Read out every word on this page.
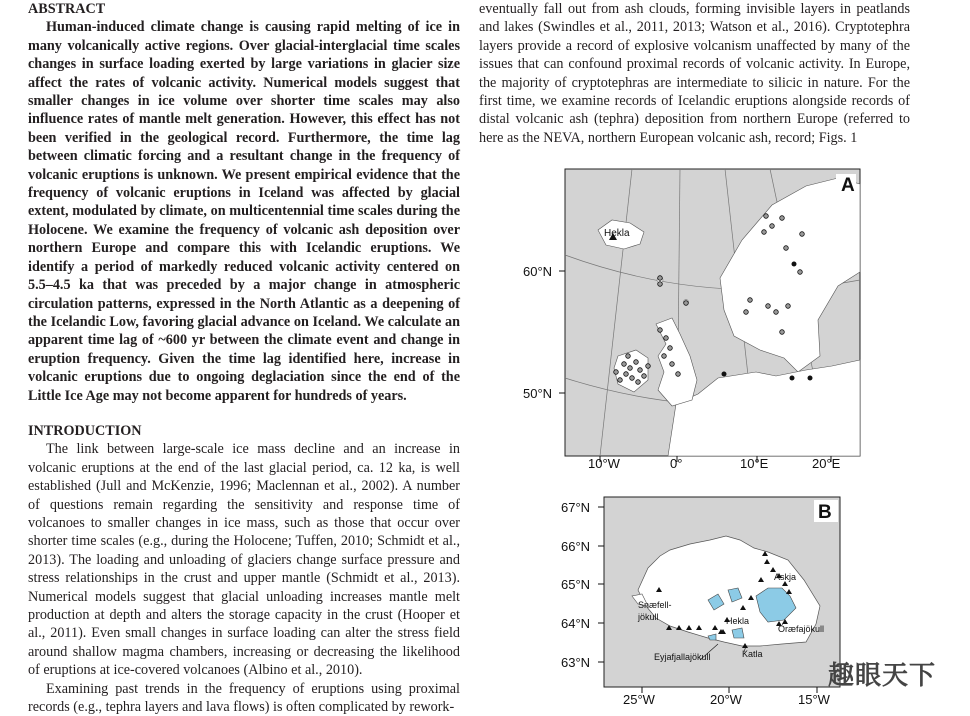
ABSTRACT

Human-induced climate change is causing rapid melting of ice in many volcanically active regions. Over glacial-interglacial time scales changes in surface loading exerted by large variations in glacier size affect the rates of volcanic activity. Numerical models suggest that smaller changes in ice volume over shorter time scales may also influence rates of mantle melt generation. However, this effect has not been verified in the geological record. Furthermore, the time lag between climatic forcing and a resultant change in the frequency of volcanic eruptions is unknown. We present empirical evidence that the frequency of volcanic eruptions in Iceland was affected by glacial extent, modulated by climate, on multicentennial time scales during the Holocene. We examine the frequency of volcanic ash deposition over northern Europe and compare this with Icelandic eruptions. We identify a period of markedly reduced volcanic activity centered on 5.5–4.5 ka that was preceded by a major change in atmospheric circulation patterns, expressed in the North Atlantic as a deepening of the Icelandic Low, favoring glacial advance on Iceland. We calculate an apparent time lag of ~600 yr between the climate event and change in eruption frequency. Given the time lag identified here, increase in volcanic eruptions due to ongoing deglaciation since the end of the Little Ice Age may not become apparent for hundreds of years.

INTRODUCTION

The link between large-scale ice mass decline and an increase in volcanic eruptions at the end of the last glacial period, ca. 12 ka, is well established (Jull and McKenzie, 1996; Maclennan et al., 2002). A number of questions remain regarding the sensitivity and response time of volcanoes to smaller changes in ice mass, such as those that occur over shorter time scales (e.g., during the Holocene; Tuffen, 2010; Schmidt et al., 2013). The loading and unloading of glaciers change surface pressure and stress relationships in the crust and upper mantle (Schmidt et al., 2013). Numerical models suggest that glacial unloading increases mantle melt production at depth and alters the storage capacity in the crust (Hooper et al., 2011). Even small changes in surface loading can alter the stress field around shallow magma chambers, increasing or decreasing the likelihood of eruptions at ice-covered volcanoes (Albino et al., 2010).

Examining past trends in the frequency of eruptions using proximal records (e.g., tephra layers and lava flows) is often complicated by rework-

eventually fall out from ash clouds, forming invisible layers in peatlands and lakes (Swindles et al., 2011, 2013; Watson et al., 2016). Cryptotephra layers provide a record of explosive volcanism unaffected by many of the issues that can confound proximal records of volcanic activity. In Europe, the majority of cryptotephras are intermediate to silicic in nature. For the first time, we examine records of Icelandic eruptions alongside records of distal volcanic ash (tephra) deposition from northern Europe (referred to here as the NEVA, northern European volcanic ash, record; Figs. 1

Hekla
A
60°N
50°N
10°W	0°	10°E	20°E
Askja
Snæfell-
jökull	Hekla
Öræfajökull
Eyjafjallajökull	Katla
B
67°N
66°N
65°N
64°N
63°N
25°W	20°W	15°W
趣眼天下
